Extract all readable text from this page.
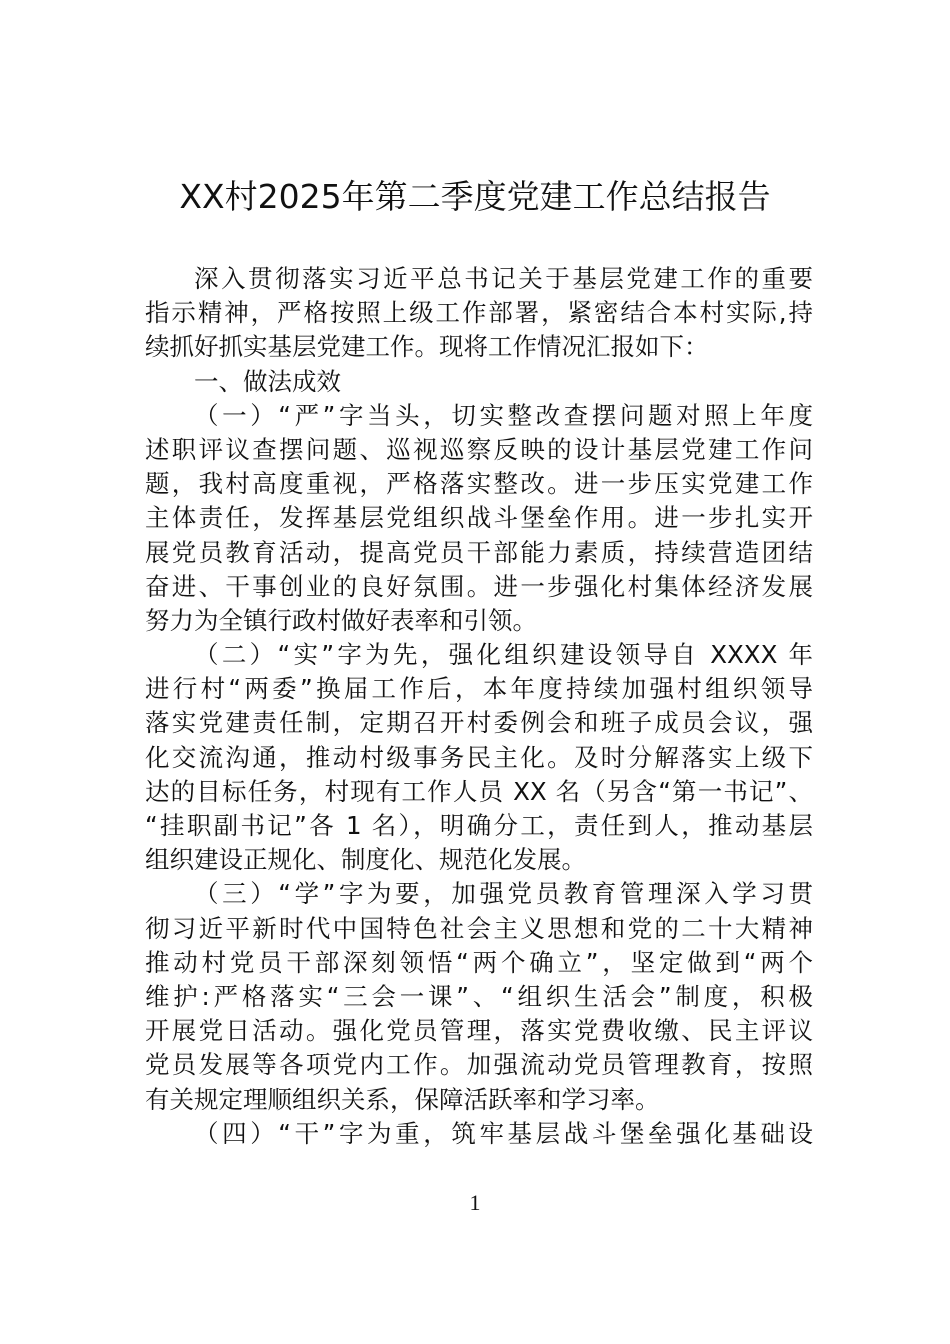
XX村2025年第二季度党建工作总结报告
深入贯彻落实习近平总书记关于基层党建工作的重要
指示精神，严格按照上级工作部署，紧密结合本村实际,持
续抓好抓实基层党建工作。现将工作情况汇报如下：
一、做法成效
（一）“严”字当头，切实整改查摆问题对照上年度
述职评议查摆问题、巡视巡察反映的设计基层党建工作问
题，我村高度重视，严格落实整改。进一步压实党建工作
主体责任，发挥基层党组织战斗堡垒作用。进一步扎实开
展党员教育活动，提高党员干部能力素质，持续营造团结
奋进、干事创业的良好氛围。进一步强化村集体经济发展
努力为全镇行政村做好表率和引领。
（二）“实”字为先，强化组织建设领导自 XXXX 年
进行村“两委”换届工作后，本年度持续加强村组织领导
落实党建责任制，定期召开村委例会和班子成员会议，强
化交流沟通，推动村级事务民主化。及时分解落实上级下
达的目标任务，村现有工作人员 XX 名（另含“第一书记”、
“挂职副书记”各 1 名），明确分工，责任到人，推动基层
组织建设正规化、制度化、规范化发展。
（三）“学”字为要，加强党员教育管理深入学习贯
彻习近平新时代中国特色社会主义思想和党的二十大精神
推动村党员干部深刻领悟“两个确立”，坚定做到“两个
维护:严格落实“三会一课”、“组织生活会”制度，积极
开展党日活动。强化党员管理，落实党费收缴、民主评议
党员发展等各项党内工作。加强流动党员管理教育，按照
有关规定理顺组织关系，保障活跃率和学习率。
（四）“干”字为重，筑牢基层战斗堡垒强化基础设
1
